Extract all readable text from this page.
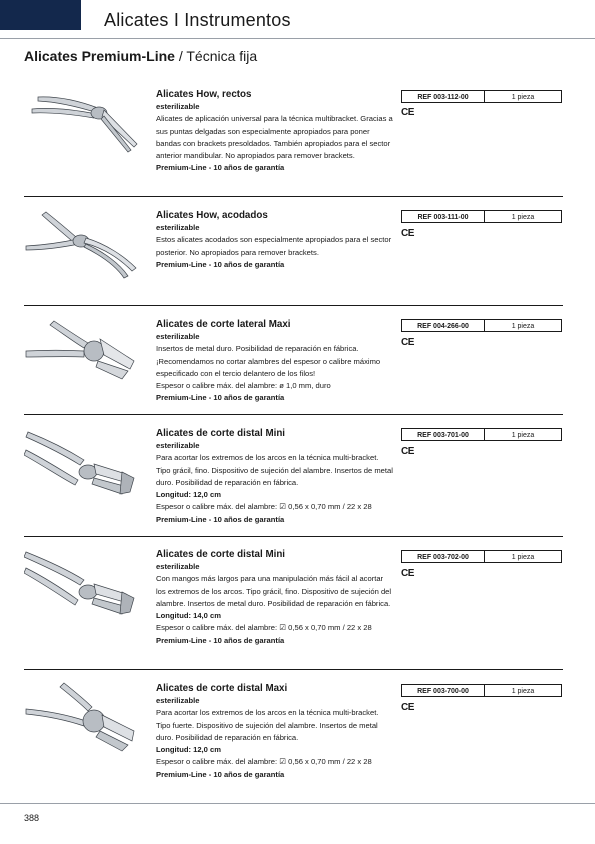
Alicates I Instrumentos
Alicates Premium-Line / Técnica fija
Alicates How, rectos
esterilizable
Alicates de aplicación universal para la técnica multibracket. Gracias a sus puntas delgadas son especialmente apropiados para poner bandas con brackets presoldados. También apropiados para el sector anterior mandibular. No apropiados para remover brackets.
Premium-Line - 10 años de garantía
REF 003-112-00	1 pieza
CE
Alicates How, acodados
esterilizable
Estos alicates acodados son especialmente apropiados para el sector posterior. No apropiados para remover brackets.
Premium-Line - 10 años de garantía
REF 003-111-00	1 pieza
CE
Alicates de corte lateral Maxi
esterilizable
Insertos de metal duro. Posibilidad de reparación en fábrica. ¡Recomendamos no cortar alambres del espesor o calibre máximo especificado con el tercio delantero de los filos!
Espesor o calibre máx. del alambre: ø 1,0 mm, duro
Premium-Line - 10 años de garantía
REF 004-266-00	1 pieza
CE
Alicates de corte distal Mini
esterilizable
Para acortar los extremos de los arcos en la técnica multi-bracket. Tipo grácil, fino. Dispositivo de sujeción del alambre. Insertos de metal duro. Posibilidad de reparación en fábrica.
Longitud: 12,0 cm
Espesor o calibre máx. del alambre: ☑ 0,56 x 0,70 mm / 22 x 28
Premium-Line - 10 años de garantía
REF 003-701-00	1 pieza
CE
Alicates de corte distal Mini
esterilizable
Con mangos más largos para una manipulación más fácil al acortar los extremos de los arcos. Tipo grácil, fino. Dispositivo de sujeción del alambre. Insertos de metal duro. Posibilidad de reparación en fábrica.
Longitud: 14,0 cm
Espesor o calibre máx. del alambre: ☑ 0,56 x 0,70 mm / 22 x 28
Premium-Line - 10 años de garantía
REF 003-702-00	1 pieza
CE
Alicates de corte distal Maxi
esterilizable
Para acortar los extremos de los arcos en la técnica multi-bracket. Tipo fuerte. Dispositivo de sujeción del alambre. Insertos de metal duro. Posibilidad de reparación en fábrica.
Longitud: 12,0 cm
Espesor o calibre máx. del alambre: ☑ 0,56 x 0,70 mm / 22 x 28
Premium-Line - 10 años de garantía
REF 003-700-00	1 pieza
CE
388
